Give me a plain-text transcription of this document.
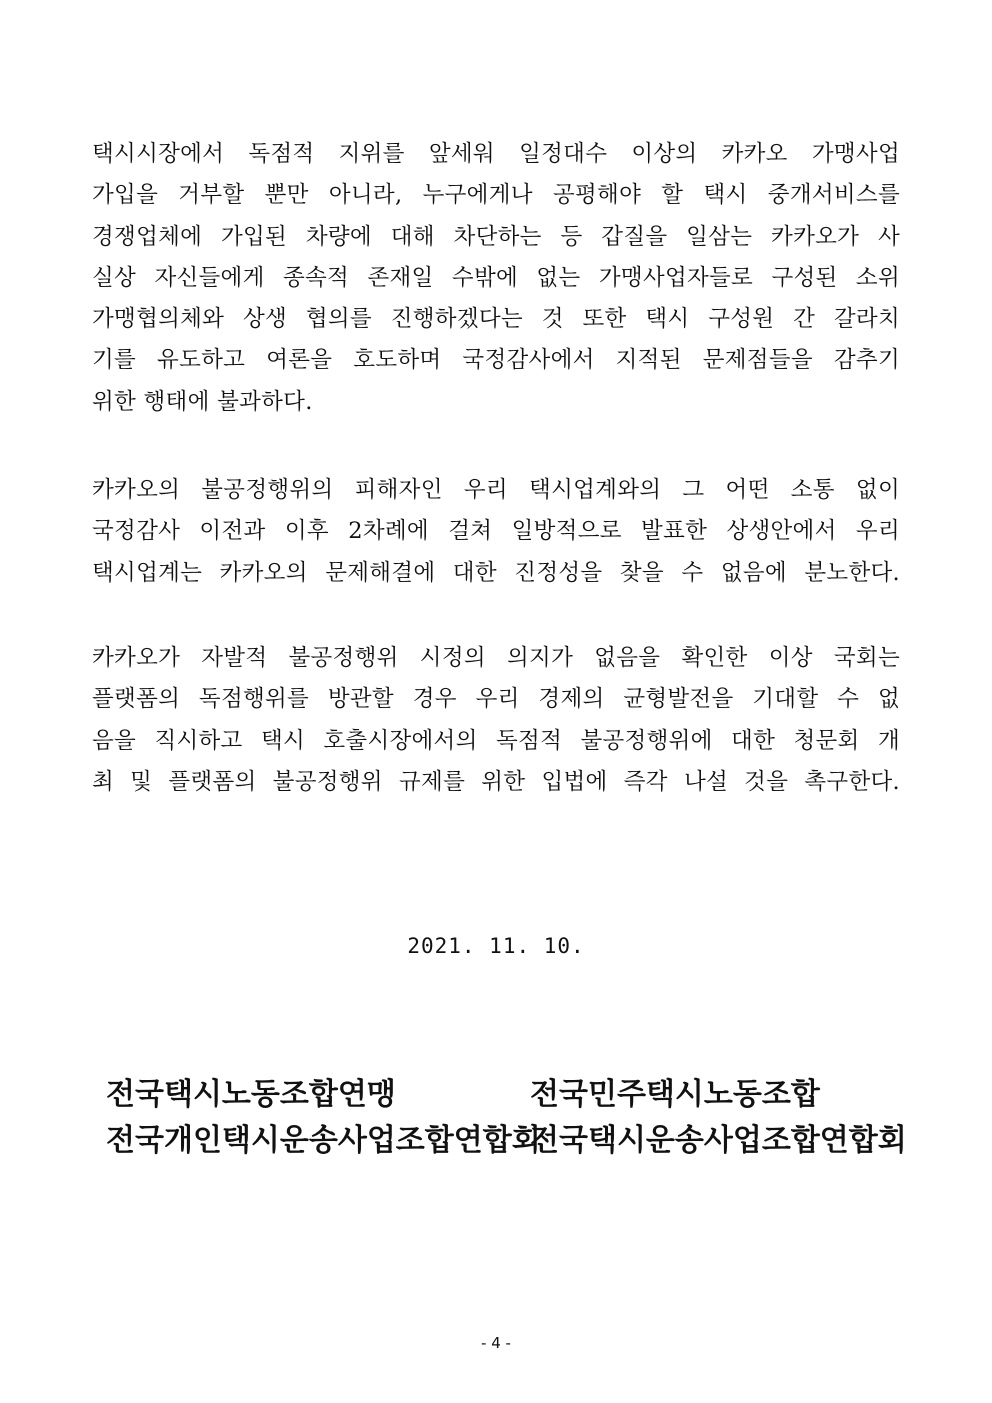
택시시장에서 독점적 지위를 앞세워 일정대수 이상의 카카오 가맹사업
가입을 거부할 뿐만 아니라, 누구에게나 공평해야 할 택시 중개서비스를
경쟁업체에 가입된 차량에 대해 차단하는 등 갑질을 일삼는 카카오가 사
실상 자신들에게 종속적 존재일 수밖에 없는 가맹사업자들로 구성된 소위
가맹협의체와 상생 협의를 진행하겠다는 것 또한 택시 구성원 간 갈라치
기를 유도하고 여론을 호도하며 국정감사에서 지적된 문제점들을 감추기
위한 행태에 불과하다.
카카오의 불공정행위의 피해자인 우리 택시업계와의 그 어떤 소통 없이
국정감사 이전과 이후 2차례에 걸쳐 일방적으로 발표한 상생안에서 우리
택시업계는 카카오의 문제해결에 대한 진정성을 찾을 수 없음에 분노한다.
카카오가 자발적 불공정행위 시정의 의지가 없음을 확인한 이상 국회는
플랫폼의 독점행위를 방관할 경우 우리 경제의 균형발전을 기대할 수 없
음을 직시하고 택시 호출시장에서의 독점적 불공정행위에 대한 청문회 개
최 및 플랫폼의 불공정행위 규제를 위한 입법에 즉각 나설 것을 촉구한다.
2021. 11. 10.
전국택시노동조합연맹	전국민주택시노동조합
전국개인택시운송사업조합연합회
전국택시운송사업조합연합회
- 4 -
